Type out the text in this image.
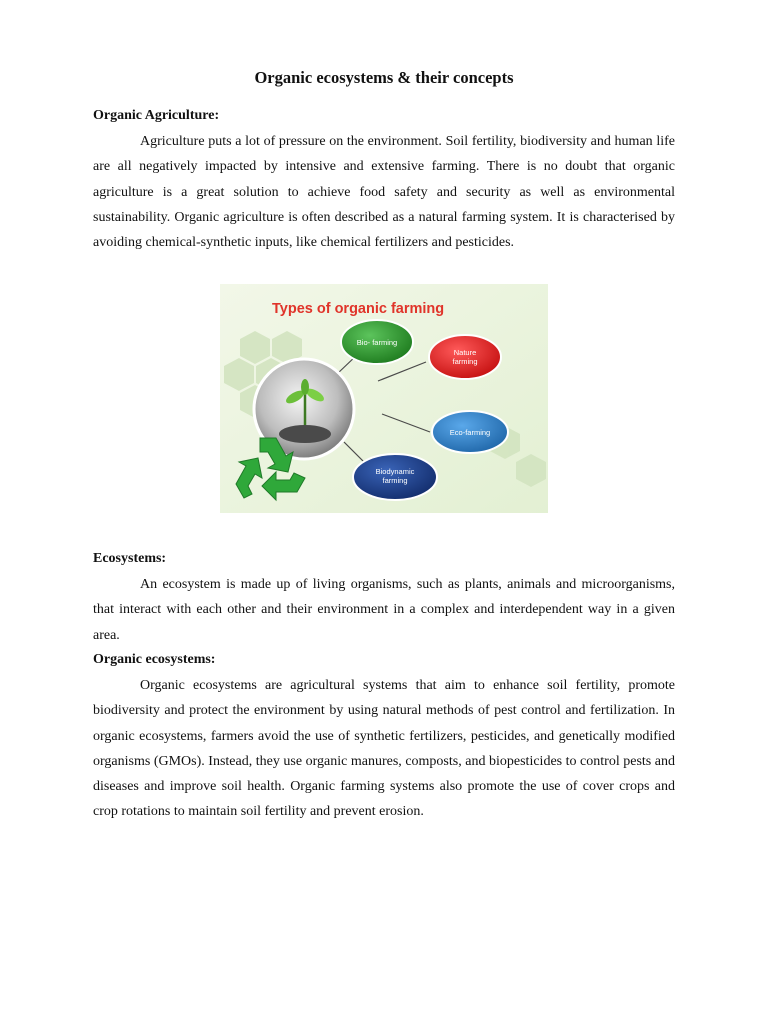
Organic ecosystems & their concepts
Organic Agriculture:

Agriculture puts a lot of pressure on the environment. Soil fertility, biodiversity and human life are all negatively impacted by intensive and extensive farming. There is no doubt that organic agriculture is a great solution to achieve food safety and security as well as environmental sustainability. Organic agriculture is often described as a natural farming system. It is characterised by avoiding chemical-synthetic inputs, like chemical fertilizers and pesticides.

Types of organic farming
Bio- farming
Nature
farming
Eco-farming
Biodynamic
farming
Ecosystems:

An ecosystem is made up of living organisms, such as plants, animals and microorganisms, that interact with each other and their environment in a complex and interdependent way in a given area.

Organic ecosystems:

Organic ecosystems are agricultural systems that aim to enhance soil fertility, promote biodiversity and protect the environment by using natural methods of pest control and fertilization. In organic ecosystems, farmers avoid the use of synthetic fertilizers, pesticides, and genetically modified organisms (GMOs). Instead, they use organic manures, composts, and biopesticides to control pests and diseases and improve soil health. Organic farming systems also promote the use of cover crops and crop rotations to maintain soil fertility and prevent erosion.
